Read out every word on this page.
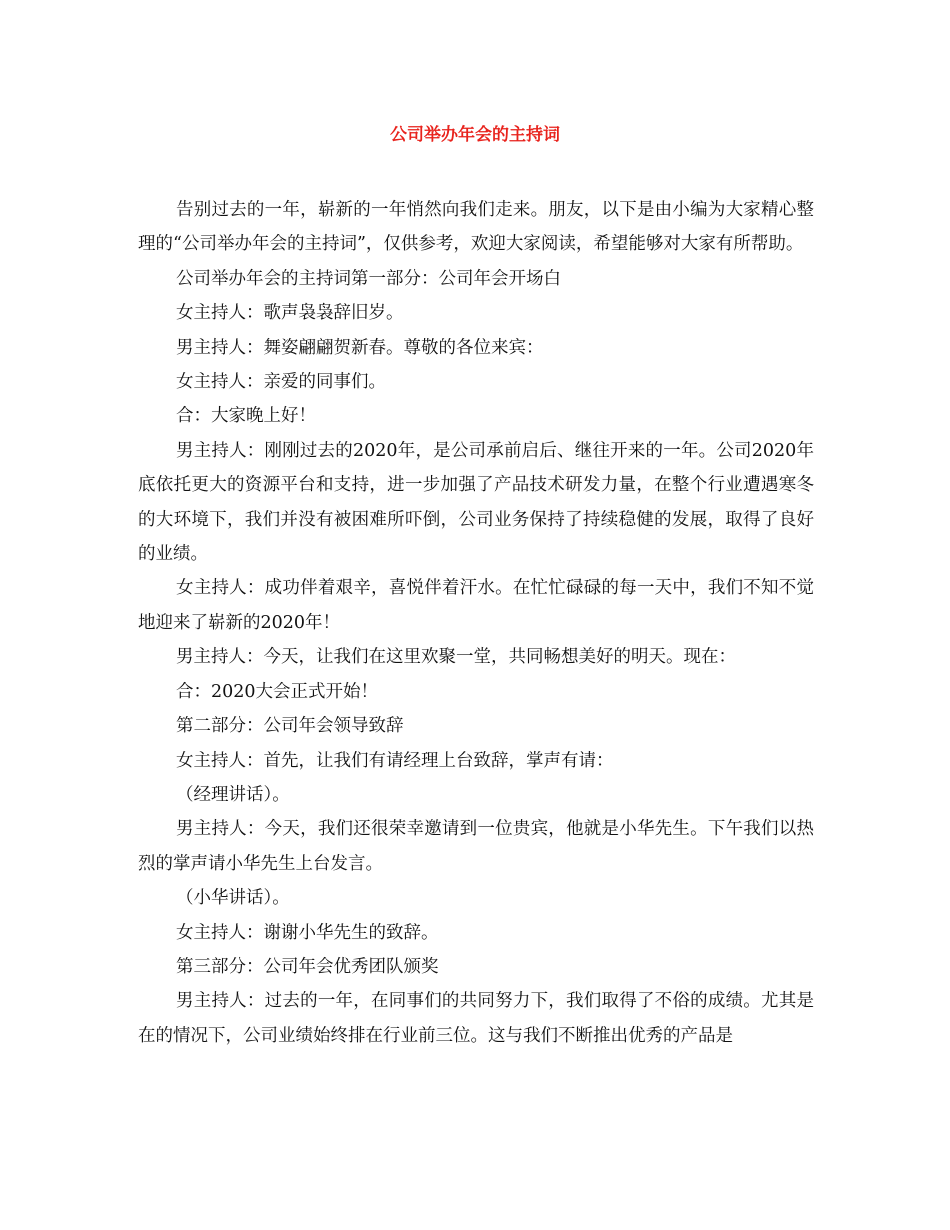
公司举办年会的主持词

告别过去的一年，崭新的一年悄然向我们走来。朋友，以下是由小编为大家精心整理的“公司举办年会的主持词”，仅供参考，欢迎大家阅读，希望能够对大家有所帮助。

公司举办年会的主持词第一部分：公司年会开场白

女主持人：歌声袅袅辞旧岁。

男主持人：舞姿翩翩贺新春。尊敬的各位来宾：

女主持人：亲爱的同事们。

合：大家晚上好！

男主持人：刚刚过去的2020年，是公司承前启后、继往开来的一年。公司2020年底依托更大的资源平台和支持，进一步加强了产品技术研发力量，在整个行业遭遇寒冬的大环境下，我们并没有被困难所吓倒，公司业务保持了持续稳健的发展，取得了良好的业绩。

女主持人：成功伴着艰辛，喜悦伴着汗水。在忙忙碌碌的每一天中，我们不知不觉地迎来了崭新的2020年！

男主持人：今天，让我们在这里欢聚一堂，共同畅想美好的明天。现在：

合：2020大会正式开始！

第二部分：公司年会领导致辞

女主持人：首先，让我们有请经理上台致辞，掌声有请：

（经理讲话）。

男主持人：今天，我们还很荣幸邀请到一位贵宾，他就是小华先生。下午我们以热烈的掌声请小华先生上台发言。

（小华讲话）。

女主持人：谢谢小华先生的致辞。

第三部分：公司年会优秀团队颁奖

男主持人：过去的一年，在同事们的共同努力下，我们取得了不俗的成绩。尤其是在的情况下，公司业绩始终排在行业前三位。这与我们不断推出优秀的产品是
